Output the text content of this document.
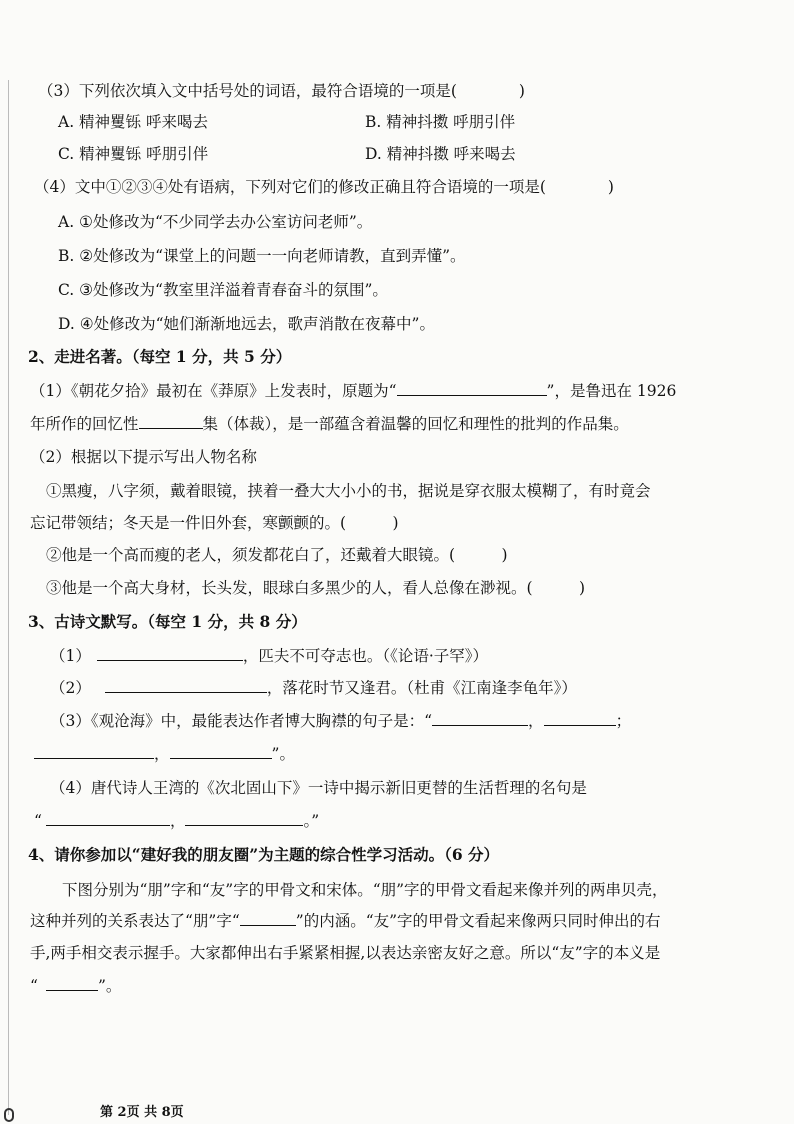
（3）下列依次填入文中括号处的词语，最符合语境的一项是(　　　　)
A. 精神矍铄 呼来喝去	B. 精神抖擞 呼朋引伴
C. 精神矍铄 呼朋引伴	D. 精神抖擞 呼来喝去
（4）文中①②③④处有语病，下列对它们的修改正确且符合语境的一项是(　　　　)
A. ①处修改为“不少同学去办公室访问老师”。
B. ②处修改为“课堂上的问题一一向老师请教，直到弄懂”。
C. ③处修改为“教室里洋溢着青春奋斗的氛围”。
D. ④处修改为“她们渐渐地远去，歌声消散在夜幕中”。
2、走进名著。（每空 1 分，共 5 分）
（1）《朝花夕拾》最初在《莽原》上发表时，原题为“	”，是鲁迅在 1926
年所作的回忆性	集（体裁），是一部蕴含着温馨的回忆和理性的批判的作品集。
（2）根据以下提示写出人物名称
①黑瘦，八字须，戴着眼镜，挟着一叠大大小小的书，据说是穿衣服太模糊了，有时竟会
忘记带领结；冬天是一件旧外套，寒颤颤的。(　　　)
②他是一个高而瘦的老人，须发都花白了，还戴着大眼镜。(　　　)
③他是一个高大身材，长头发，眼球白多黑少的人，看人总像在渺视。(　　　)
3、古诗文默写。（每空 1 分，共 8 分）
（1）	，匹夫不可夺志也。（《论语·子罕》）
（2）	，落花时节又逢君。（杜甫《江南逢李龟年》）
（3）《观沧海》中，最能表达作者博大胸襟的句子是：“	，	；
，	”。
（4）唐代诗人王湾的《次北固山下》一诗中揭示新旧更替的生活哲理的名句是
“	，	。”
4、请你参加以“建好我的朋友圈”为主题的综合性学习活动。（6 分）
下图分别为“朋”字和“友”字的甲骨文和宋体。“朋”字的甲骨文看起来像并列的两串贝壳，
这种并列的关系表达了“朋”字“	”的内涵。“友”字的甲骨文看起来像两只同时伸出的右
手,两手相交表示握手。大家都伸出右手紧紧相握,以表达亲密友好之意。所以“友”字的本义是
“	”。
第 2页 共 8页
